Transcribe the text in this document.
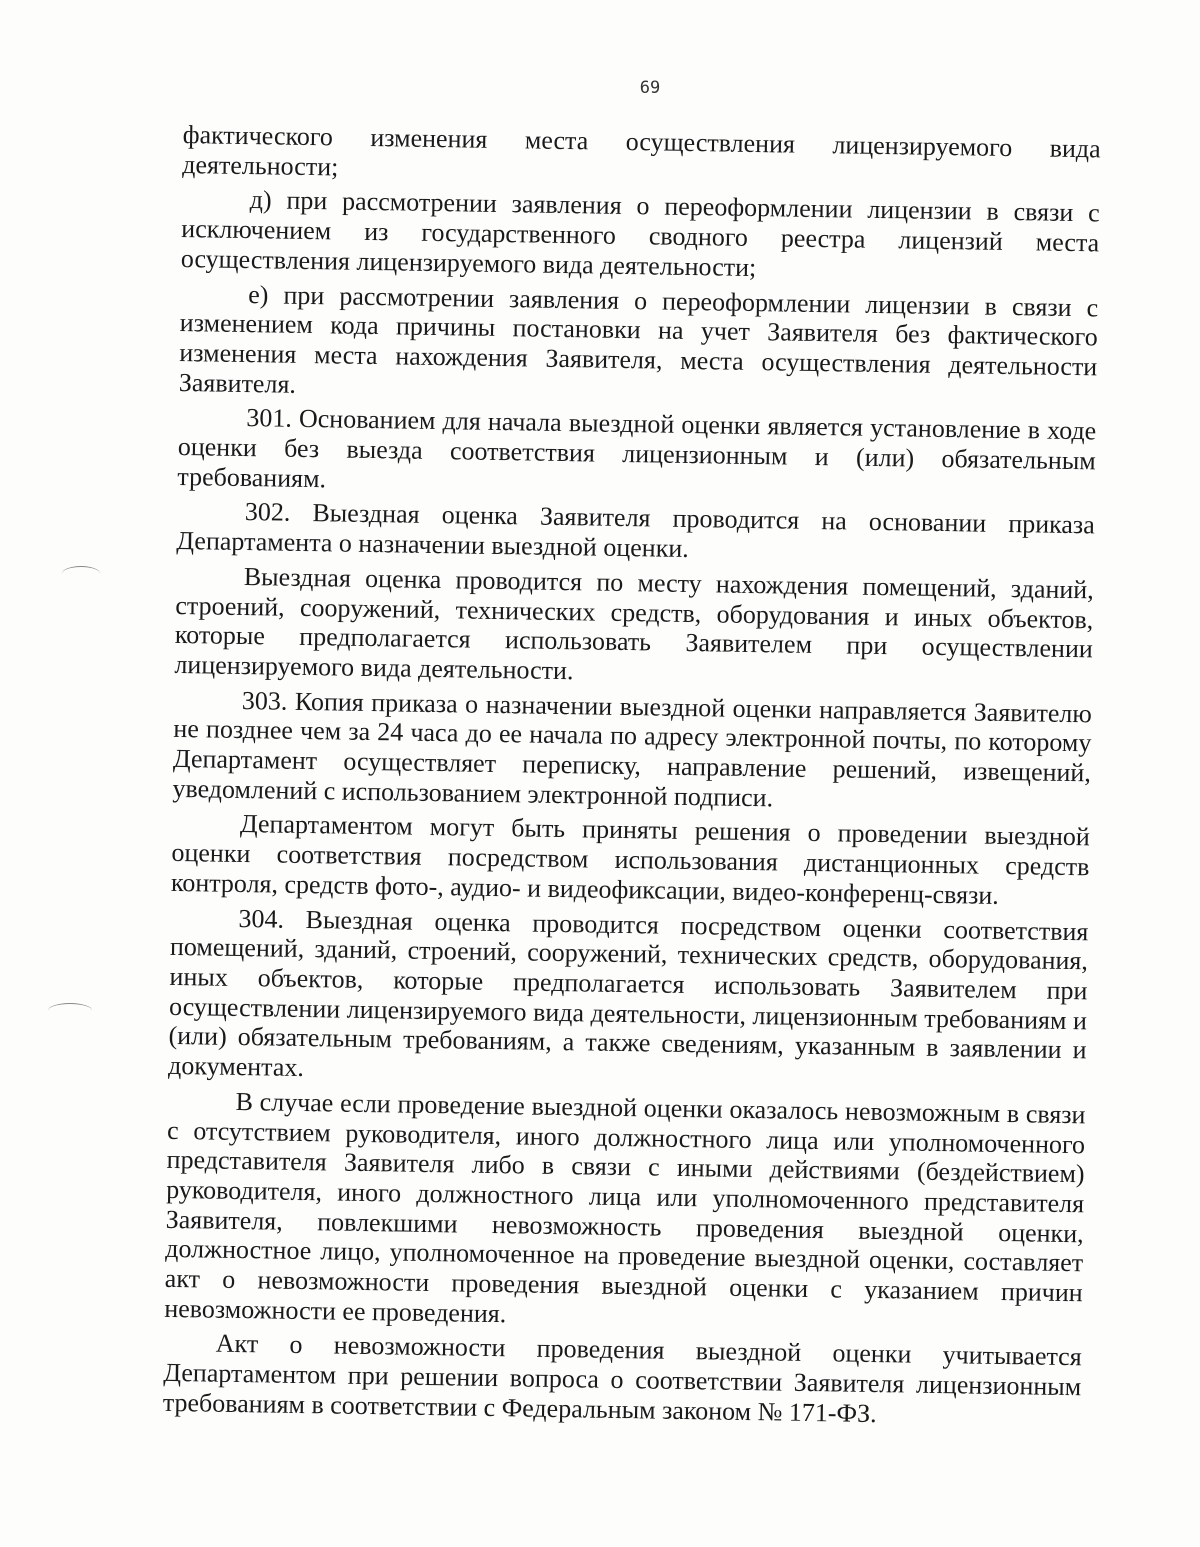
69

фактического изменения места осуществления лицензируемого вида деятельности;

д) при рассмотрении заявления о переоформлении лицензии в связи с исключением из государственного сводного реестра лицензий места осуществления лицензируемого вида деятельности;

е) при рассмотрении заявления о переоформлении лицензии в связи с изменением кода причины постановки на учет Заявителя без фактического изменения места нахождения Заявителя, места осуществления деятельности Заявителя.

301. Основанием для начала выездной оценки является установление в ходе оценки без выезда соответствия лицензионным и (или) обязательным требованиям.

302. Выездная оценка Заявителя проводится на основании приказа Департамента о назначении выездной оценки.

Выездная оценка проводится по месту нахождения помещений, зданий, строений, сооружений, технических средств, оборудования и иных объектов, которые предполагается использовать Заявителем при осуществлении лицензируемого вида деятельности.

303. Копия приказа о назначении выездной оценки направляется Заявителю не позднее чем за 24 часа до ее начала по адресу электронной почты, по которому Департамент осуществляет переписку, направление решений, извещений, уведомлений с использованием электронной подписи.

Департаментом могут быть приняты решения о проведении выездной оценки соответствия посредством использования дистанционных средств контроля, средств фото-, аудио- и видеофиксации, видео-конференц-связи.

304. Выездная оценка проводится посредством оценки соответствия помещений, зданий, строений, сооружений, технических средств, оборудования, иных объектов, которые предполагается использовать Заявителем при осуществлении лицензируемого вида деятельности, лицензионным требованиям и (или) обязательным требованиям, а также сведениям, указанным в заявлении и документах.

В случае если проведение выездной оценки оказалось невозможным в связи с отсутствием руководителя, иного должностного лица или уполномоченного представителя Заявителя либо в связи с иными действиями (бездействием) руководителя, иного должностного лица или уполномоченного представителя Заявителя, повлекшими невозможность проведения выездной оценки, должностное лицо, уполномоченное на проведение выездной оценки, составляет акт о невозможности проведения выездной оценки с указанием причин невозможности ее проведения.

Акт о невозможности проведения выездной оценки учитывается Департаментом при решении вопроса о соответствии Заявителя лицензионным требованиям в соответствии с Федеральным законом № 171-ФЗ.
